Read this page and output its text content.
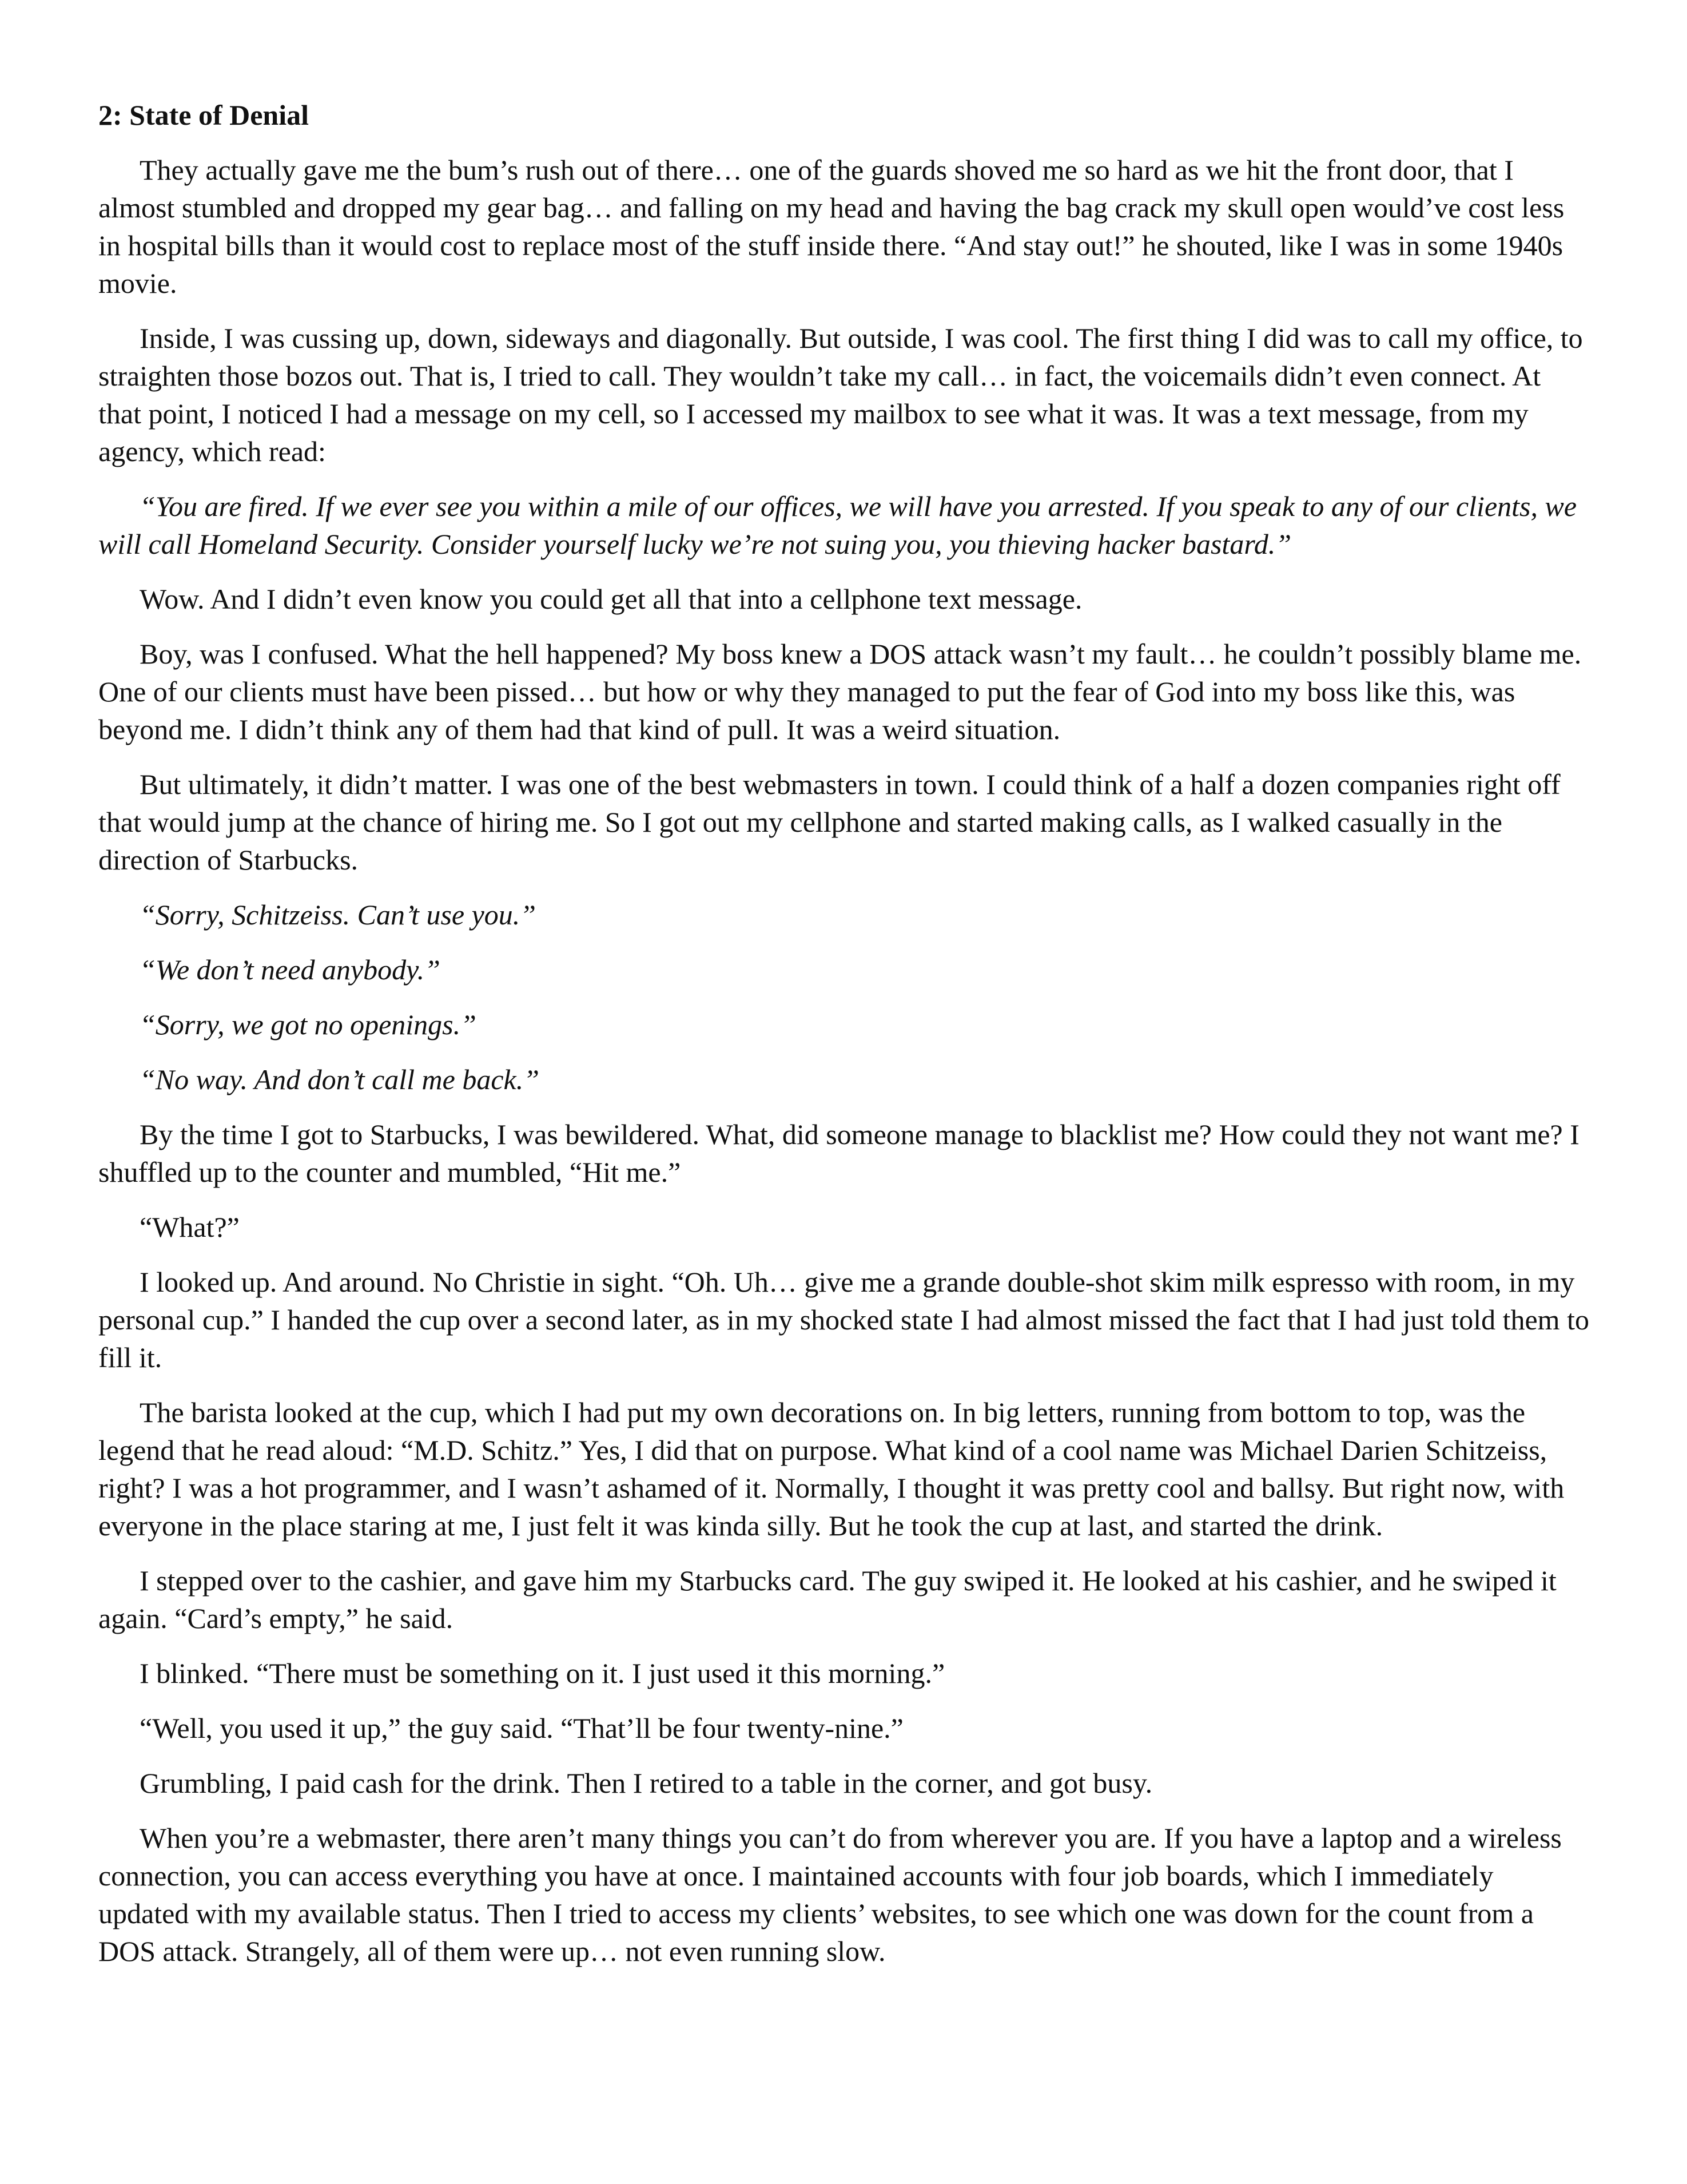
2: State of Denial

They actually gave me the bum’s rush out of there… one of the guards shoved me so hard as we hit the front door, that I almost stumbled and dropped my gear bag… and falling on my head and having the bag crack my skull open would’ve cost less in hospital bills than it would cost to replace most of the stuff inside there. “And stay out!” he shouted, like I was in some 1940s movie.

Inside, I was cussing up, down, sideways and diagonally. But outside, I was cool. The first thing I did was to call my office, to straighten those bozos out. That is, I tried to call. They wouldn’t take my call… in fact, the voicemails didn’t even connect. At that point, I noticed I had a message on my cell, so I accessed my mailbox to see what it was. It was a text message, from my agency, which read:

“You are fired. If we ever see you within a mile of our offices, we will have you arrested. If you speak to any of our clients, we will call Homeland Security. Consider yourself lucky we’re not suing you, you thieving hacker bastard.”

Wow. And I didn’t even know you could get all that into a cellphone text message.

Boy, was I confused. What the hell happened? My boss knew a DOS attack wasn’t my fault… he couldn’t possibly blame me. One of our clients must have been pissed… but how or why they managed to put the fear of God into my boss like this, was beyond me. I didn’t think any of them had that kind of pull. It was a weird situation.

But ultimately, it didn’t matter. I was one of the best webmasters in town. I could think of a half a dozen companies right off that would jump at the chance of hiring me. So I got out my cellphone and started making calls, as I walked casually in the direction of Starbucks.

“Sorry, Schitzeiss. Can’t use you.”

“We don’t need anybody.”

“Sorry, we got no openings.”

“No way. And don’t call me back.”

By the time I got to Starbucks, I was bewildered. What, did someone manage to blacklist me? How could they not want me? I shuffled up to the counter and mumbled, “Hit me.”

“What?”

I looked up. And around. No Christie in sight. “Oh. Uh… give me a grande double-shot skim milk espresso with room, in my personal cup.” I handed the cup over a second later, as in my shocked state I had almost missed the fact that I had just told them to fill it.

The barista looked at the cup, which I had put my own decorations on. In big letters, running from bottom to top, was the legend that he read aloud: “M.D. Schitz.” Yes, I did that on purpose. What kind of a cool name was Michael Darien Schitzeiss, right? I was a hot programmer, and I wasn’t ashamed of it. Normally, I thought it was pretty cool and ballsy. But right now, with everyone in the place staring at me, I just felt it was kinda silly. But he took the cup at last, and started the drink.

I stepped over to the cashier, and gave him my Starbucks card. The guy swiped it. He looked at his cashier, and he swiped it again. “Card’s empty,” he said.

I blinked. “There must be something on it. I just used it this morning.”

“Well, you used it up,” the guy said. “That’ll be four twenty-nine.”

Grumbling, I paid cash for the drink. Then I retired to a table in the corner, and got busy.

When you’re a webmaster, there aren’t many things you can’t do from wherever you are. If you have a laptop and a wireless connection, you can access everything you have at once. I maintained accounts with four job boards, which I immediately updated with my available status. Then I tried to access my clients’ websites, to see which one was down for the count from a DOS attack. Strangely, all of them were up… not even running slow.
